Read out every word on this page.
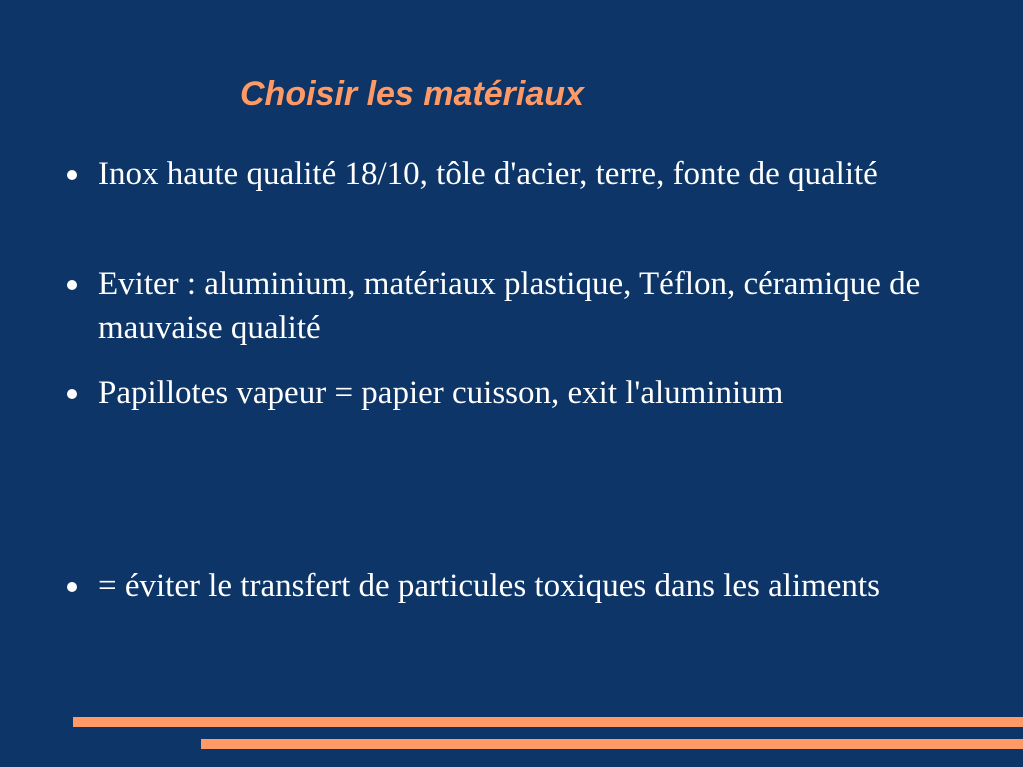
Choisir les matériaux
Inox haute qualité 18/10, tôle d'acier, terre, fonte de qualité
Eviter : aluminium, matériaux plastique, Téflon, céramique de mauvaise qualité
Papillotes vapeur = papier cuisson, exit l'aluminium
= éviter le transfert de particules toxiques dans les aliments
